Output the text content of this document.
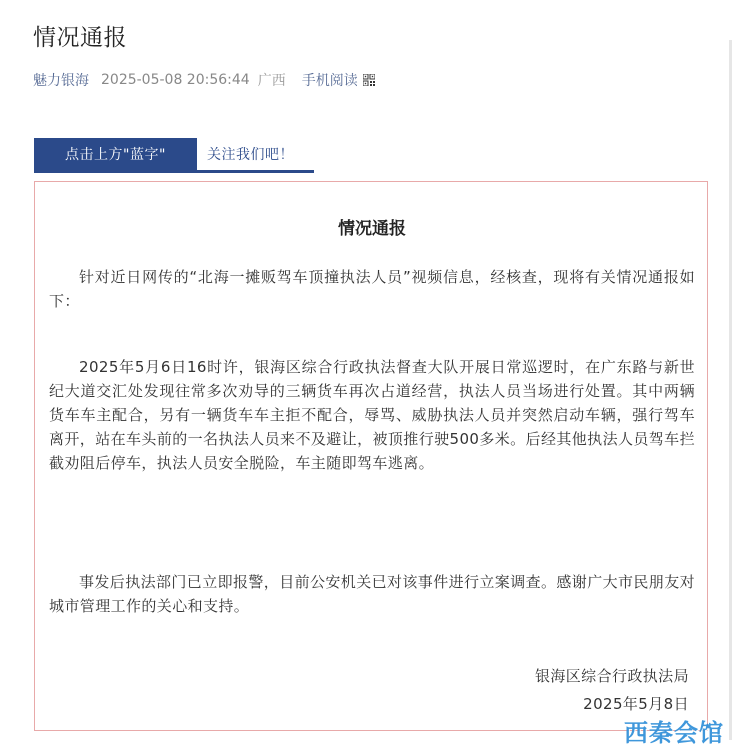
情况通报
魅力银海 2025-05-08 20:56:44 广西 手机阅读
点击上方"蓝字"	关注我们吧！
情况通报
针对近日网传的“北海一摊贩驾车顶撞执法人员”视频信息，经核查，现将有关情况通报如下：
2025年5月6日16时许，银海区综合行政执法督查大队开展日常巡逻时，在广东路与新世纪大道交汇处发现往常多次劝导的三辆货车再次占道经营，执法人员当场进行处置。其中两辆货车车主配合，另有一辆货车车主拒不配合，辱骂、威胁执法人员并突然启动车辆，强行驾车离开，站在车头前的一名执法人员来不及避让，被顶推行驶500多米。后经其他执法人员驾车拦截劝阻后停车，执法人员安全脱险，车主随即驾车逃离。
事发后执法部门已立即报警，目前公安机关已对该事件进行立案调查。感谢广大市民朋友对城市管理工作的关心和支持。
银海区综合行政执法局
2025年5月8日
西秦会馆
